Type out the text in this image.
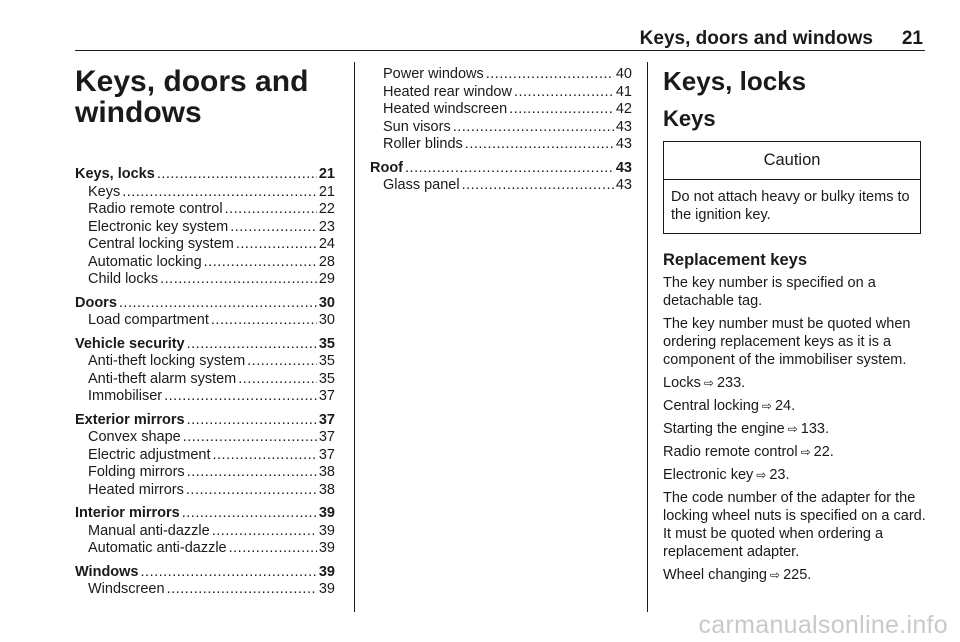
Keys, doors and windows 21
Keys, doors and
windows
Keys, locks .....	21
Keys .....	21
Radio remote control .....	22
Electronic key system .....	23
Central locking system .....	24
Automatic locking .....	28
Child locks .....	29
Doors .....	30
Load compartment .....	30
Vehicle security .....	35
Anti-theft locking system .....	35
Anti-theft alarm system .....	35
Immobiliser .....	37
Exterior mirrors .....	37
Convex shape .....	37
Electric adjustment .....	37
Folding mirrors .....	38
Heated mirrors .....	38
Interior mirrors .....	39
Manual anti-dazzle .....	39
Automatic anti-dazzle .....	39
Windows .....	39
Windscreen .....	39
Power windows .....	40
Heated rear window .....	41
Heated windscreen .....	42
Sun visors .....	43
Roller blinds .....	43
Roof .....	43
Glass panel .....	43
Keys, locks
Keys
Caution
Do not attach heavy or bulky items to the ignition key.
Replacement keys
The key number is specified on a detachable tag.
The key number must be quoted when ordering replacement keys as it is a component of the immobiliser system.
Locks⇨ 233.
Central locking⇨ 24.
Starting the engine⇨ 133.
Radio remote control⇨ 22.
Electronic key⇨ 23.
The code number of the adapter for the locking wheel nuts is specified on a card. It must be quoted when ordering a replacement adapter.
Wheel changing⇨ 225.
carmanualsonline.info
